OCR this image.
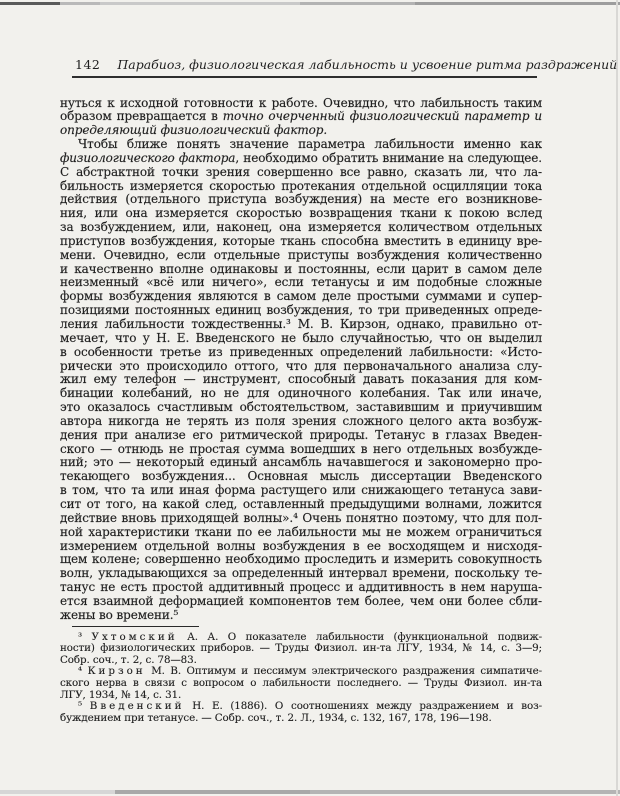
142 Парабиоз, физиологическая лабильность и усвоение ритма раздражений
нуться к исходной готовности к работе. Очевидно, что лабильность таким
образом превращается в точно очерченный физиологический параметр и
определяющий физиологический фактор.
Чтобы ближе понять значение параметра лабильности именно как
физиологического фактора, необходимо обратить внимание на следующее.
С абстрактной точки зрения совершенно все равно, сказать ли, что ла-
бильность измеряется скоростью протекания отдельной осцилляции тока
действия (отдельного приступа возбуждения) на месте его возникнове-
ния, или она измеряется скоростью возвращения ткани к покою вслед
за возбуждением, или, наконец, она измеряется количеством отдельных
приступов возбуждения, которые ткань способна вместить в единицу вре-
мени. Очевидно, если отдельные приступы возбуждения количественно
и качественно вполне одинаковы и постоянны, если царит в самом деле
неизменный «всё или ничего», если тетанусы и им подобные сложные
формы возбуждения являются в самом деле простыми суммами и супер-
позициями постоянных единиц возбуждения, то три приведенных опреде-
ления лабильности тождественны.³ М. В. Кирзон, однако, правильно от-
мечает, что у Н. Е. Введенского не было случайностью, что он выделил
в особенности третье из приведенных определений лабильности: «Исто-
рически это происходило оттого, что для первоначального анализа слу-
жил ему телефон — инструмент, способный давать показания для ком-
бинации колебаний, но не для одиночного колебания. Так или иначе,
это оказалось счастливым обстоятельством, заставившим и приучившим
автора никогда не терять из поля зрения сложного целого акта возбуж-
дения при анализе его ритмической природы. Тетанус в глазах Введен-
ского — отнюдь не простая сумма вошедших в него отдельных возбужде-
ний; это — некоторый единый ансамбль начавшегося и закономерно про-
текающего возбуждения... Основная мысль диссертации Введенского
в том, что та или иная форма растущего или снижающего тетануса зави-
сит от того, на какой след, оставленный предыдущими волнами, ложится
действие вновь приходящей волны».⁴ Очень понятно поэтому, что для пол-
ной характеристики ткани по ее лабильности мы не можем ограничиться
измерением отдельной волны возбуждения в ее восходящем и нисходя-
щем колене; совершенно необходимо проследить и измерить совокупность
волн, укладывающихся за определенный интервал времени, поскольку те-
танус не есть простой аддитивный процесс и аддитивность в нем наруша-
ется взаимной деформацией компонентов тем более, чем они более сбли-
жены во времени.⁵
³ Ухтомский А. А. О показателе лабильности (функциональной подвиж-
ности) физиологических приборов. — Труды Физиол. ин-та ЛГУ, 1934, № 14, с. 3—9;
Собр. соч., т. 2, с. 78—83.
⁴ Кирзон М. В. Оптимум и пессимум электрического раздражения симпатиче-
ского нерва в связи с вопросом о лабильности последнего. — Труды Физиол. ин-та
ЛГУ, 1934, № 14, с. 31.
⁵ Введенский Н. Е. (1886). О соотношениях между раздражением и воз-
буждением при тетанусе. — Собр. соч., т. 2. Л., 1934, с. 132, 167, 178, 196—198.
